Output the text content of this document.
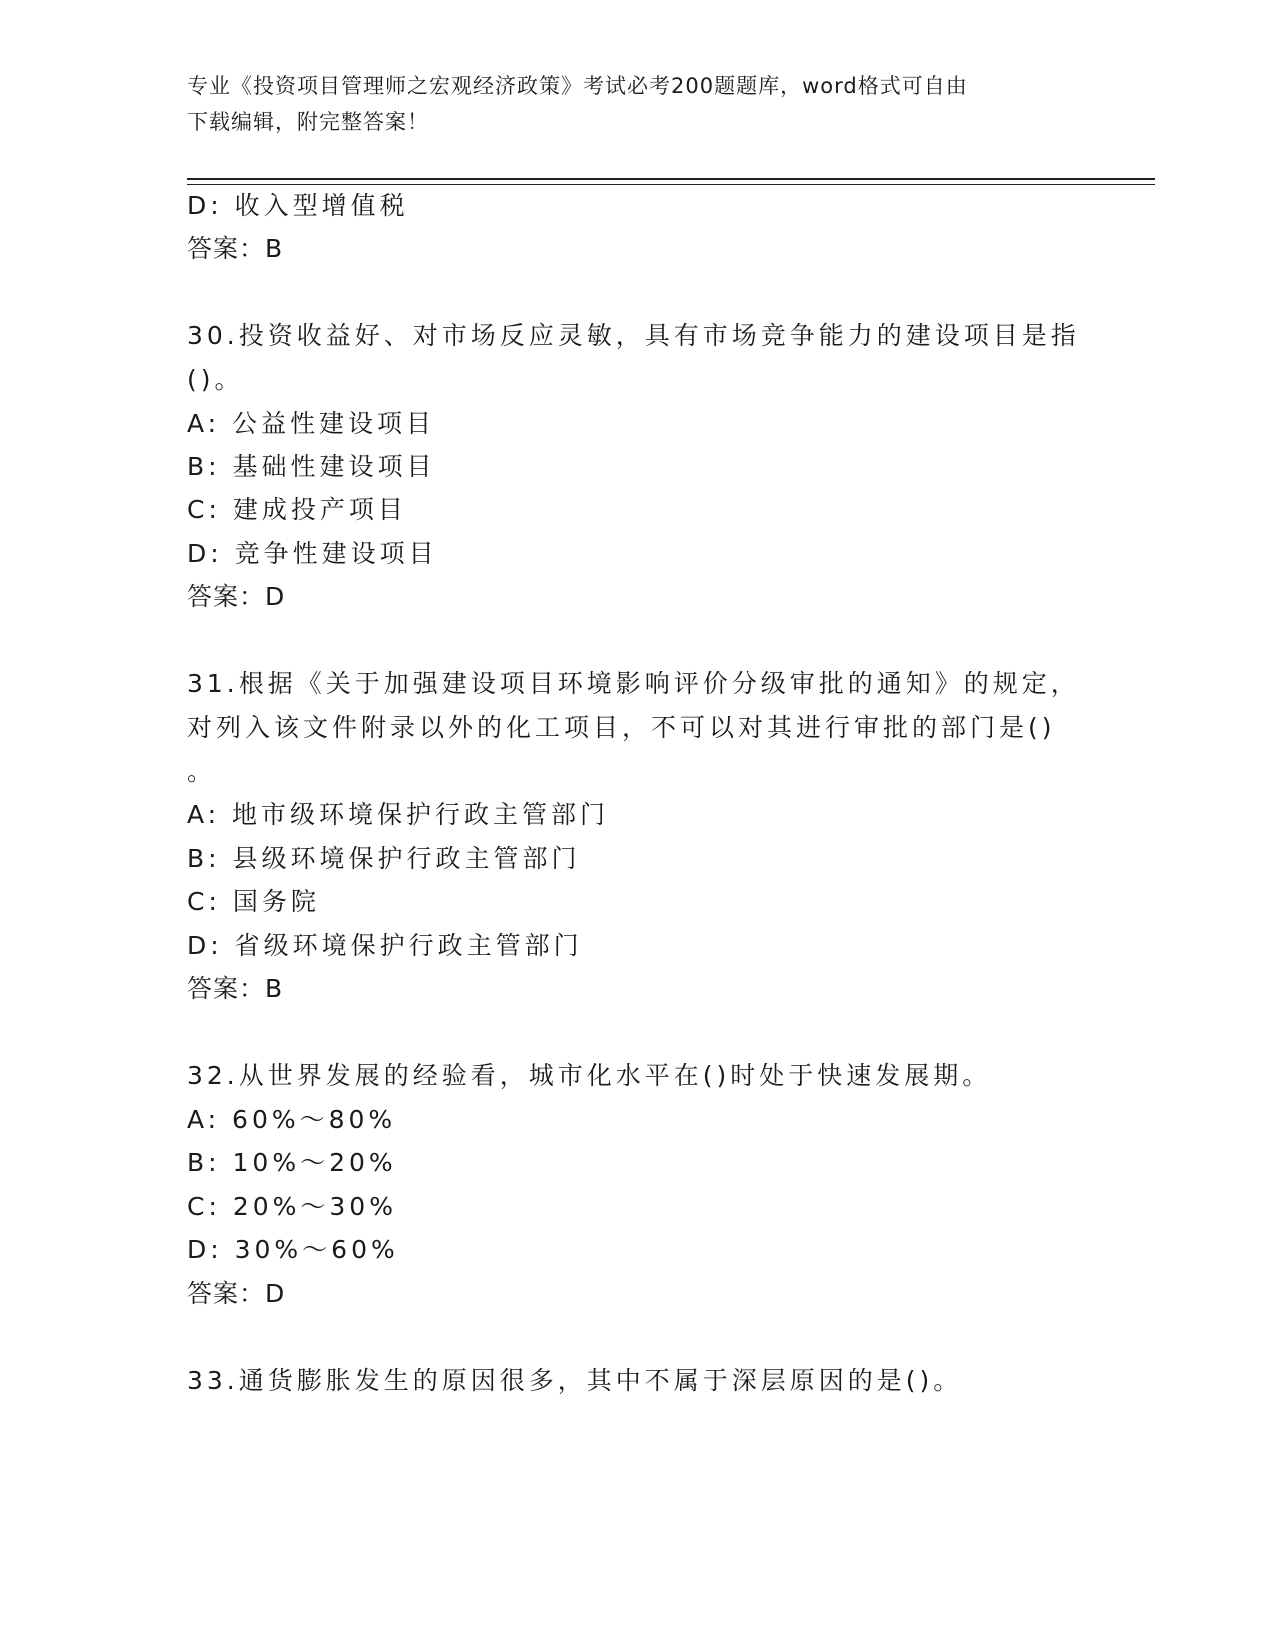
专业《投资项目管理师之宏观经济政策》考试必考200题题库，word格式可自由
下载编辑，附完整答案！
D: 收入型增值税
答案：B
30.投资收益好、对市场反应灵敏，具有市场竞争能力的建设项目是指
()。
A: 公益性建设项目
B: 基础性建设项目
C: 建成投产项目
D: 竞争性建设项目
答案：D
31.根据《关于加强建设项目环境影响评价分级审批的通知》的规定，
对列入该文件附录以外的化工项目，不可以对其进行审批的部门是()
。
A: 地市级环境保护行政主管部门
B: 县级环境保护行政主管部门
C: 国务院
D: 省级环境保护行政主管部门
答案：B
32.从世界发展的经验看，城市化水平在()时处于快速发展期。
A: 60%～80%
B: 10%～20%
C: 20%～30%
D: 30%～60%
答案：D
33.通货膨胀发生的原因很多，其中不属于深层原因的是()。
